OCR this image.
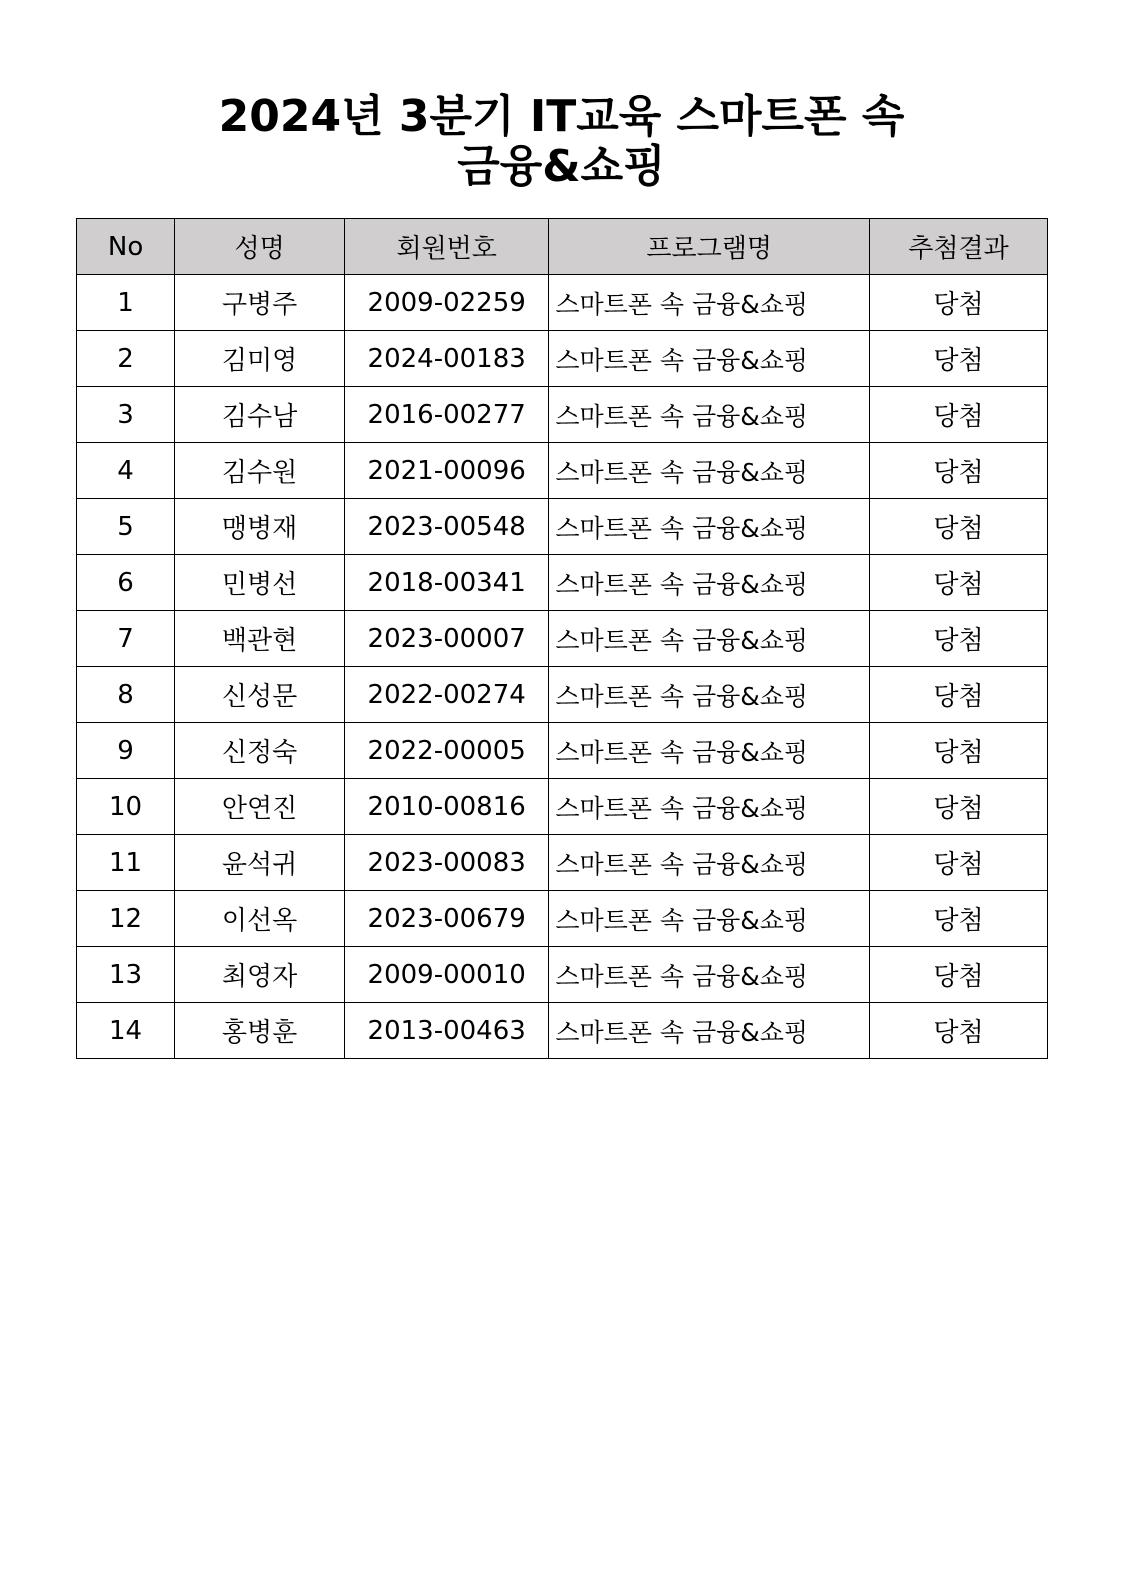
2024년 3분기 IT교육 스마트폰 속
금융&쇼핑
No	성명	회원번호	프로그램명	추첨결과
1	구병주	2009-02259	스마트폰 속 금융&쇼핑	당첨
2	김미영	2024-00183	스마트폰 속 금융&쇼핑	당첨
3	김수남	2016-00277	스마트폰 속 금융&쇼핑	당첨
4	김수원	2021-00096	스마트폰 속 금융&쇼핑	당첨
5	맹병재	2023-00548	스마트폰 속 금융&쇼핑	당첨
6	민병선	2018-00341	스마트폰 속 금융&쇼핑	당첨
7	백관현	2023-00007	스마트폰 속 금융&쇼핑	당첨
8	신성문	2022-00274	스마트폰 속 금융&쇼핑	당첨
9	신정숙	2022-00005	스마트폰 속 금융&쇼핑	당첨
10	안연진	2010-00816	스마트폰 속 금융&쇼핑	당첨
11	윤석귀	2023-00083	스마트폰 속 금융&쇼핑	당첨
12	이선옥	2023-00679	스마트폰 속 금융&쇼핑	당첨
13	최영자	2009-00010	스마트폰 속 금융&쇼핑	당첨
14	홍병훈	2013-00463	스마트폰 속 금융&쇼핑	당첨
